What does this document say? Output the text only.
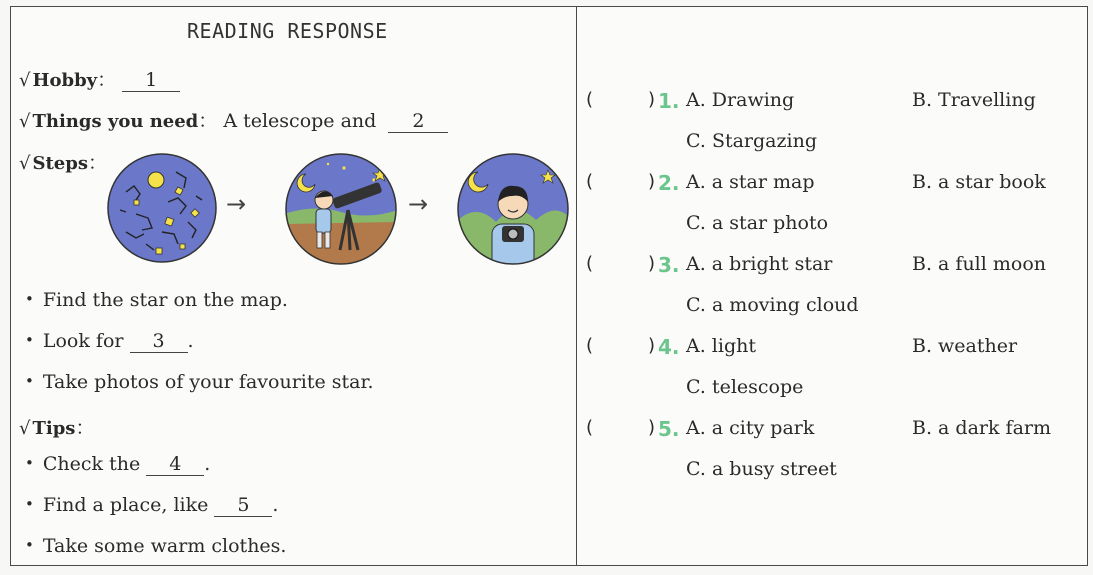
READING RESPONSE
√ Hobby： 1
√ Things you need： A telescope and 2
√ Steps：
→	→
• Find the star on the map.
• Look for 3 .
• Take photos of your favourite star.
√ Tips：
• Check the 4 .
• Find a place, like 5 .
• Take some warm clothes.
(	) 1. A. Drawing	B. Travelling
C. Stargazing
(	) 2. A. a star map	B. a star book
C. a star photo
(	) 3. A. a bright star	B. a full moon
C. a moving cloud
(	) 4. A. light	B. weather
C. telescope
(	) 5. A. a city park	B. a dark farm
C. a busy street
